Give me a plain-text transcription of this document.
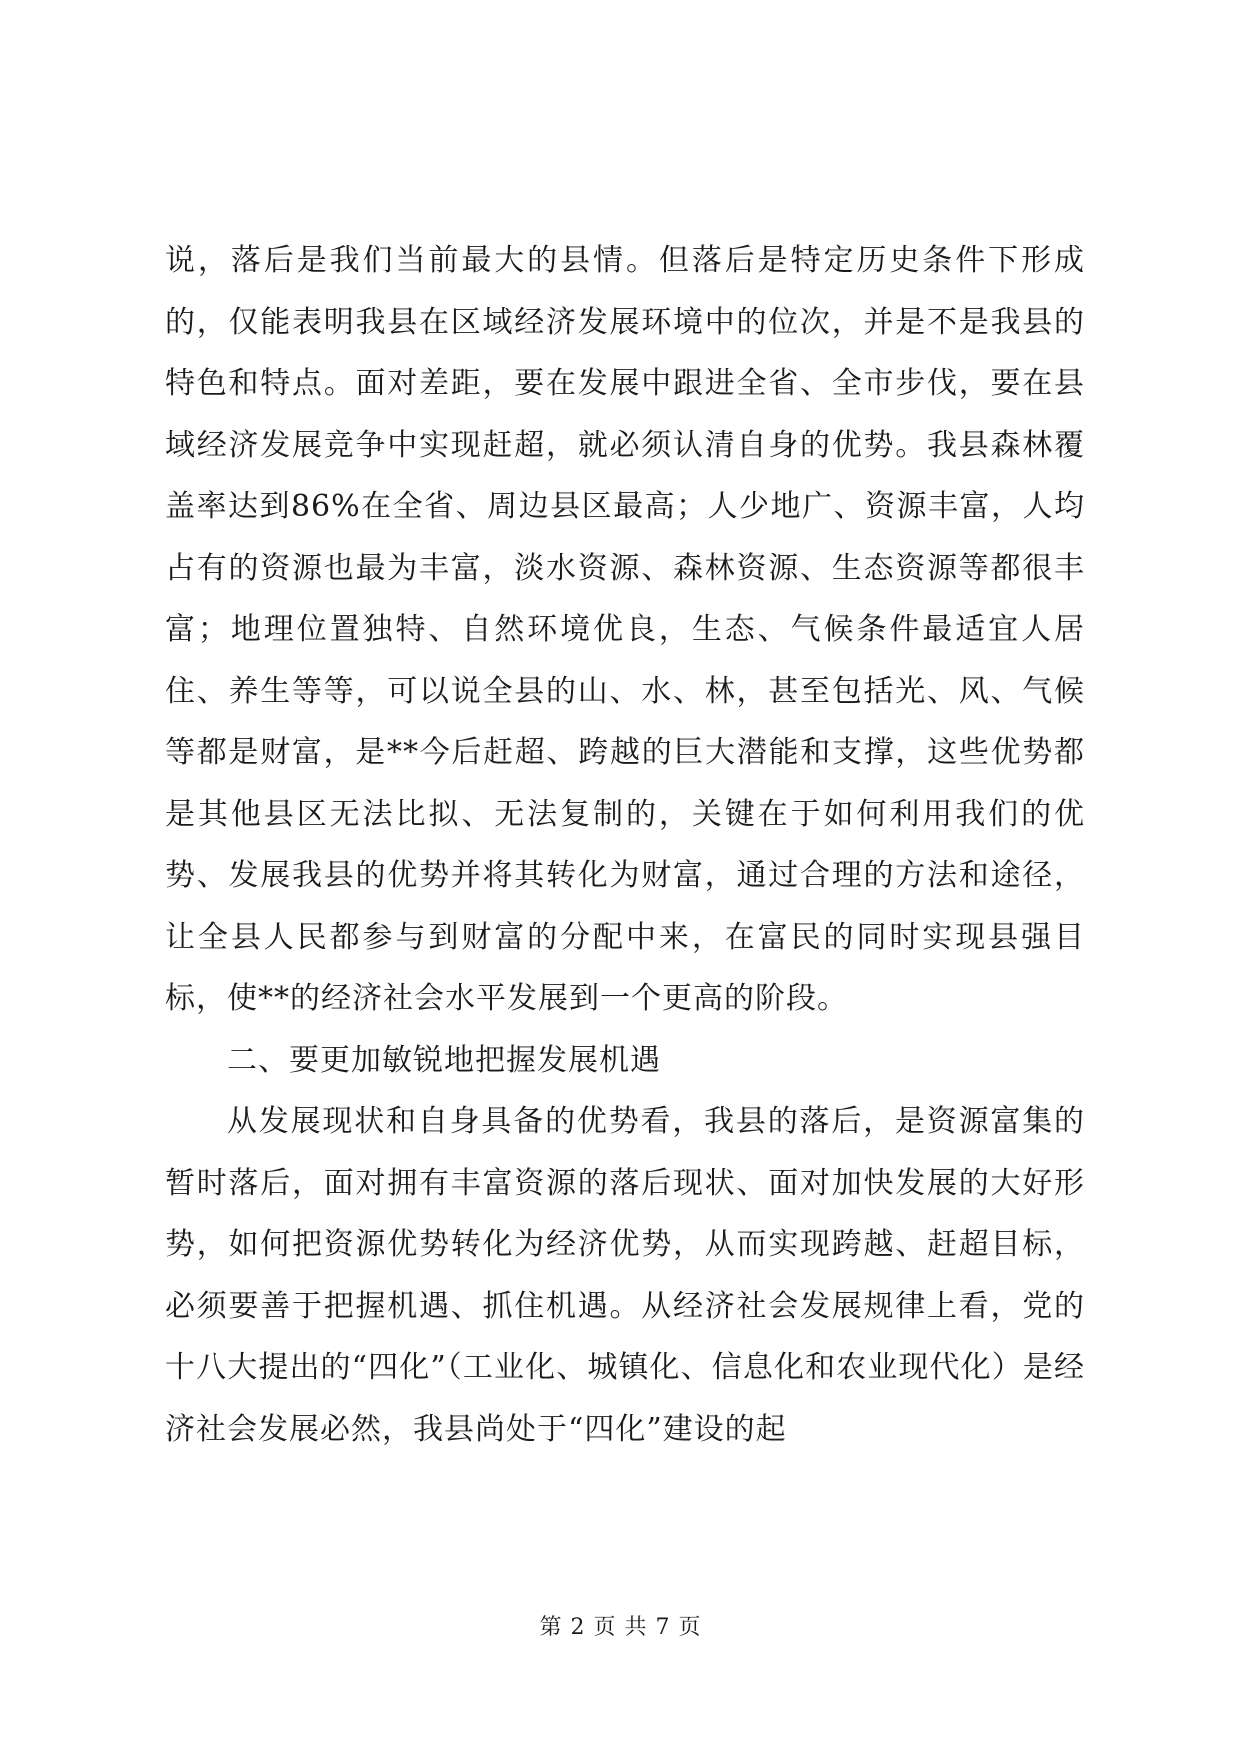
说，落后是我们当前最大的县情。但落后是特定历史条件下形成的，仅能表明我县在区域经济发展环境中的位次，并是不是我县的特色和特点。面对差距，要在发展中跟进全省、全市步伐，要在县域经济发展竞争中实现赶超，就必须认清自身的优势。我县森林覆盖率达到86%在全省、周边县区最高；人少地广、资源丰富，人均占有的资源也最为丰富，淡水资源、森林资源、生态资源等都很丰富；地理位置独特、自然环境优良，生态、气候条件最适宜人居住、养生等等，可以说全县的山、水、林，甚至包括光、风、气候等都是财富，是**今后赶超、跨越的巨大潜能和支撑，这些优势都是其他县区无法比拟、无法复制的，关键在于如何利用我们的优势、发展我县的优势并将其转化为财富，通过合理的方法和途径，让全县人民都参与到财富的分配中来，在富民的同时实现县强目标，使**的经济社会水平发展到一个更高的阶段。

二、要更加敏锐地把握发展机遇

从发展现状和自身具备的优势看，我县的落后，是资源富集的暂时落后，面对拥有丰富资源的落后现状、面对加快发展的大好形势，如何把资源优势转化为经济优势，从而实现跨越、赶超目标，必须要善于把握机遇、抓住机遇。从经济社会发展规律上看，党的十八大提出的“四化”（工业化、城镇化、信息化和农业现代化）是经济社会发展必然，我县尚处于“四化”建设的起

第 2 页 共 7 页
